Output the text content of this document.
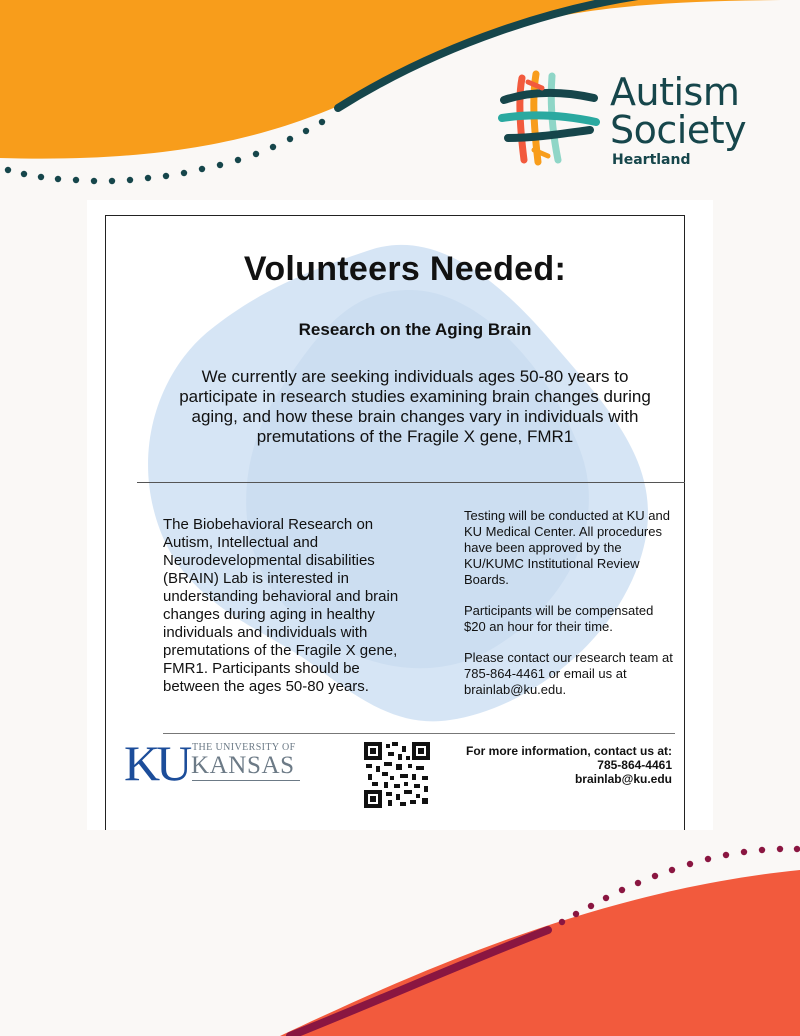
Autism
Society
Heartland
Volunteers Needed:
Research on the Aging Brain
We currently are seeking individuals ages 50-80 years to participate in research studies examining brain changes during aging, and how these brain changes vary in individuals with premutations of the Fragile X gene, FMR1
The Biobehavioral Research on Autism, Intellectual and Neurodevelopmental disabilities (BRAIN) Lab is interested in understanding behavioral and brain changes during aging in healthy individuals and individuals with premutations of the Fragile X gene, FMR1. Participants should be between the ages 50-80 years.

Testing will be conducted at KU and KU Medical Center. All procedures have been approved by the KU/KUMC Institutional Review Boards.

Participants will be compensated $20 an hour for their time.

Please contact our research team at 785-864-4461 or email us at brainlab@ku.edu.

KU THE UNIVERSITY OF
KANSAS
For more information, contact us at:
785-864-4461
brainlab@ku.edu
